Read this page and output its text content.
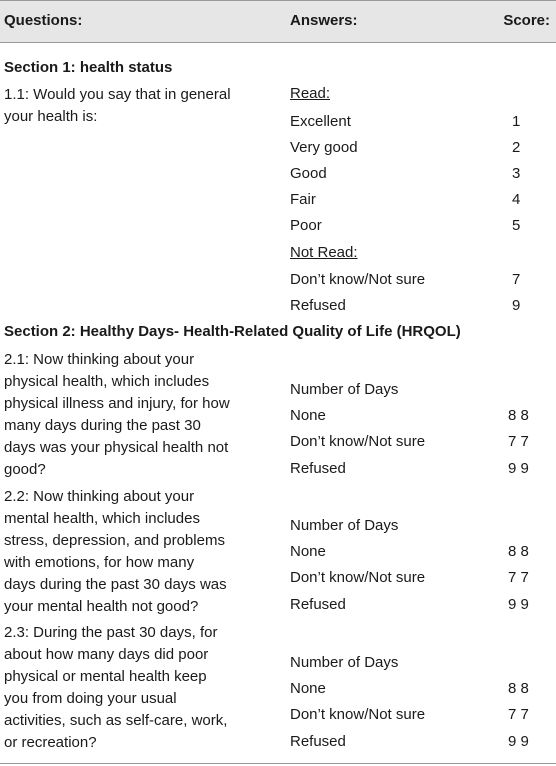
Questions:	Answers:	Score:
Section 1: health status
1.1: Would you say that in general
your health is:
Read:
Excellent	1
Very good	2
Good	3
Fair	4
Poor	5
Not Read:
Don’t know/Not sure	7
Refused	9
Section 2: Healthy Days- Health-Related Quality of Life (HRQOL)
2.1: Now thinking about your
physical health, which includes
physical illness and injury, for how
many days during the past 30
days was your physical health not
good?
Number of Days
None	8 8
Don’t know/Not sure	7 7
Refused	9 9
2.2: Now thinking about your
mental health, which includes
stress, depression, and problems
with emotions, for how many
days during the past 30 days was
your mental health not good?
Number of Days
None	8 8
Don’t know/Not sure	7 7
Refused	9 9
2.3: During the past 30 days, for
about how many days did poor
physical or mental health keep
you from doing your usual
activities, such as self-care, work,
or recreation?
Number of Days
None	8 8
Don’t know/Not sure	7 7
Refused	9 9
